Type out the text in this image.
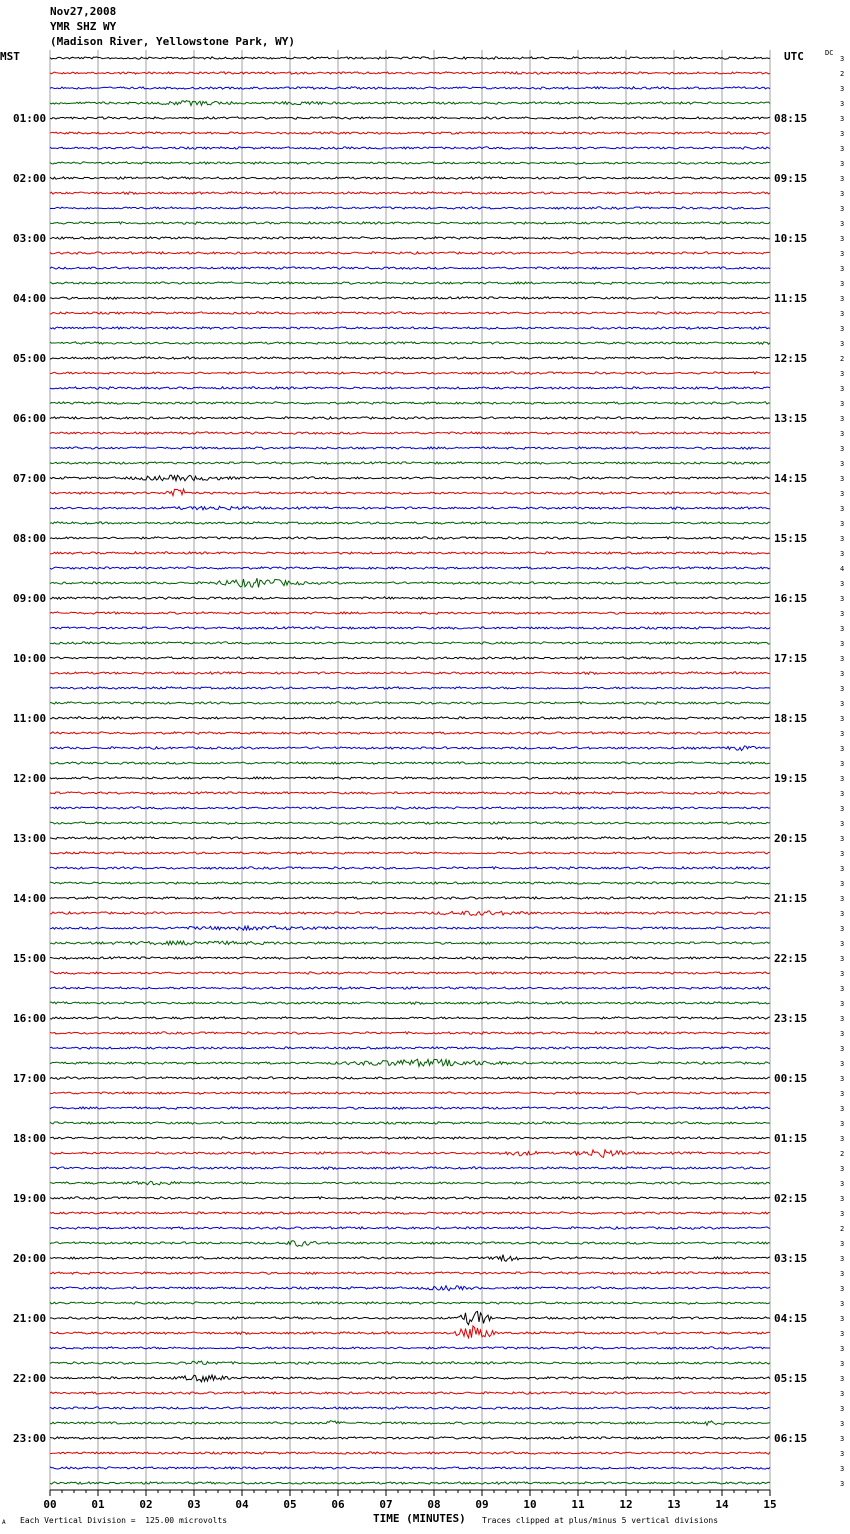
Nov27,2008
YMR SHZ WY
(Madison River, Yellowstone Park, WY)
MST	UTC	DC
01:00
02:00
03:00
04:00
05:00
06:00
07:00
08:00
09:00
10:00
11:00
12:00
13:00
14:00
15:00
16:00
17:00
18:00
19:00
20:00
21:00
22:00
23:00
08:15
09:15
10:15
11:15
12:15
13:15
14:15
15:15
16:15
17:15
18:15
19:15
20:15
21:15
22:15
23:15
00:15
01:15
02:15
03:15
04:15
05:15
06:15
3
2
3
3
3
3
3
3
3
3
3
3
3
3
3
3
3
3
3
3
2
3
3
3
3
3
3
3
3
3
3
3
3
3
4
3
3
3
3
3
3
3
3
3
3
3
3
3
3
3
3
3
3
3
3
3
3
3
3
3
3
3
3
3
3
3
3
3
3
3
3
3
3
2
3
3
3
3
2
3
3
3
3
3
3
3
3
3
3
3
3
3
3
3
3
3
00	01	02	03	04	05	06	07	08	09	10	11	12	13	14	15
TIME (MINUTES)
A Each Vertical Division =  125.00 microvolts	Traces clipped at plus/minus 5 vertical divisions
